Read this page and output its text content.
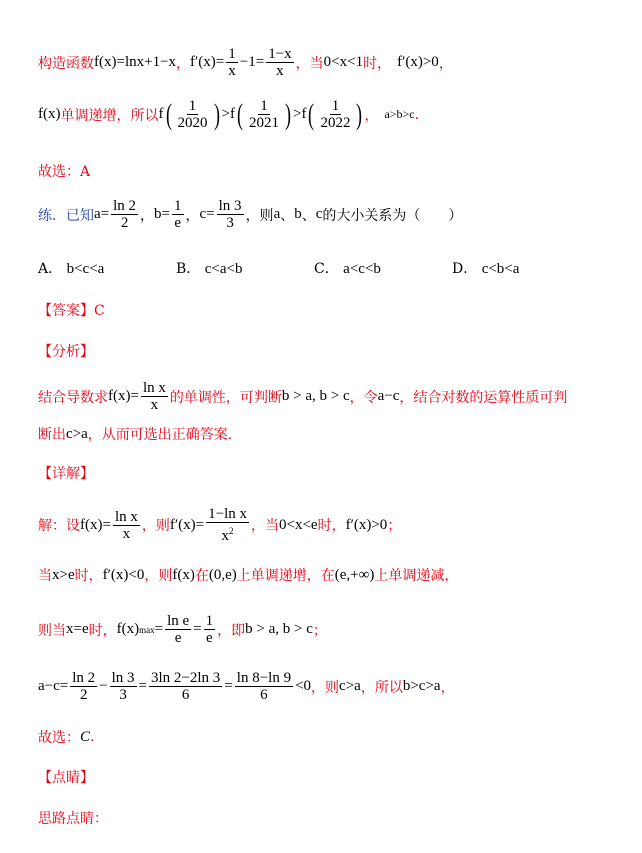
构造函数 f(x)=lnx+1−x ， $f'(x)= \frac{1}{x} -1= \frac{1-x}{x}$ ，当 0<x<1 时， f′(x)>0 ，
f(x) 单调递增，所以 f ( $\frac{1}{2020}$ ) > f ( $\frac{1}{2021}$ ) > f ( $\frac{1}{2022}$ ) ， a>b>c .
故选：A
练．已知 $a= \frac{\ln 2}{2}$ ， $b= \frac{1}{e}$ ， $c= \frac{\ln 3}{3}$ ，则 a 、 b 、 c 的大小关系为（　　）
A． b<c<a	B． c<a<b	C． a<c<b	D． c<b<a
【答案】C
【分析】
结合导数求 $f(x)= \frac{\text{ln x}}{x}$ 的单调性，可判断 b > a, b > c ，令 a−c ，结合对数的运算性质可判
断出 c>a ，从而可选出正确答案.
【详解】
解：设 $f(x)= \frac{\text{ln x}}{x}$ ，则 $f'(x)= \frac{\text{1−ln x}}{x^2}$ ，当 0<x<e 时， f′(x)>0 ；
当 x>e 时， f′(x)<0 ，则 f(x) 在 (0,e) 上单调递增，在 (e,+∞) 上单调递减，
则当 x=e 时， f(x) $\max = \frac{\text{ln e}}{e} = \frac{1}{e}$ ，即 b > a, b > c ；
$a-c= \frac{\ln 2}{2} - \frac{\ln 3}{3} = \frac{3\ln 2-2\ln 3}{6} = \frac{\ln 8-\ln 9}{6} <0$ ，则 c>a ，所以 b>c>a ，
故选： C .
【点睛】
思路点睛：
